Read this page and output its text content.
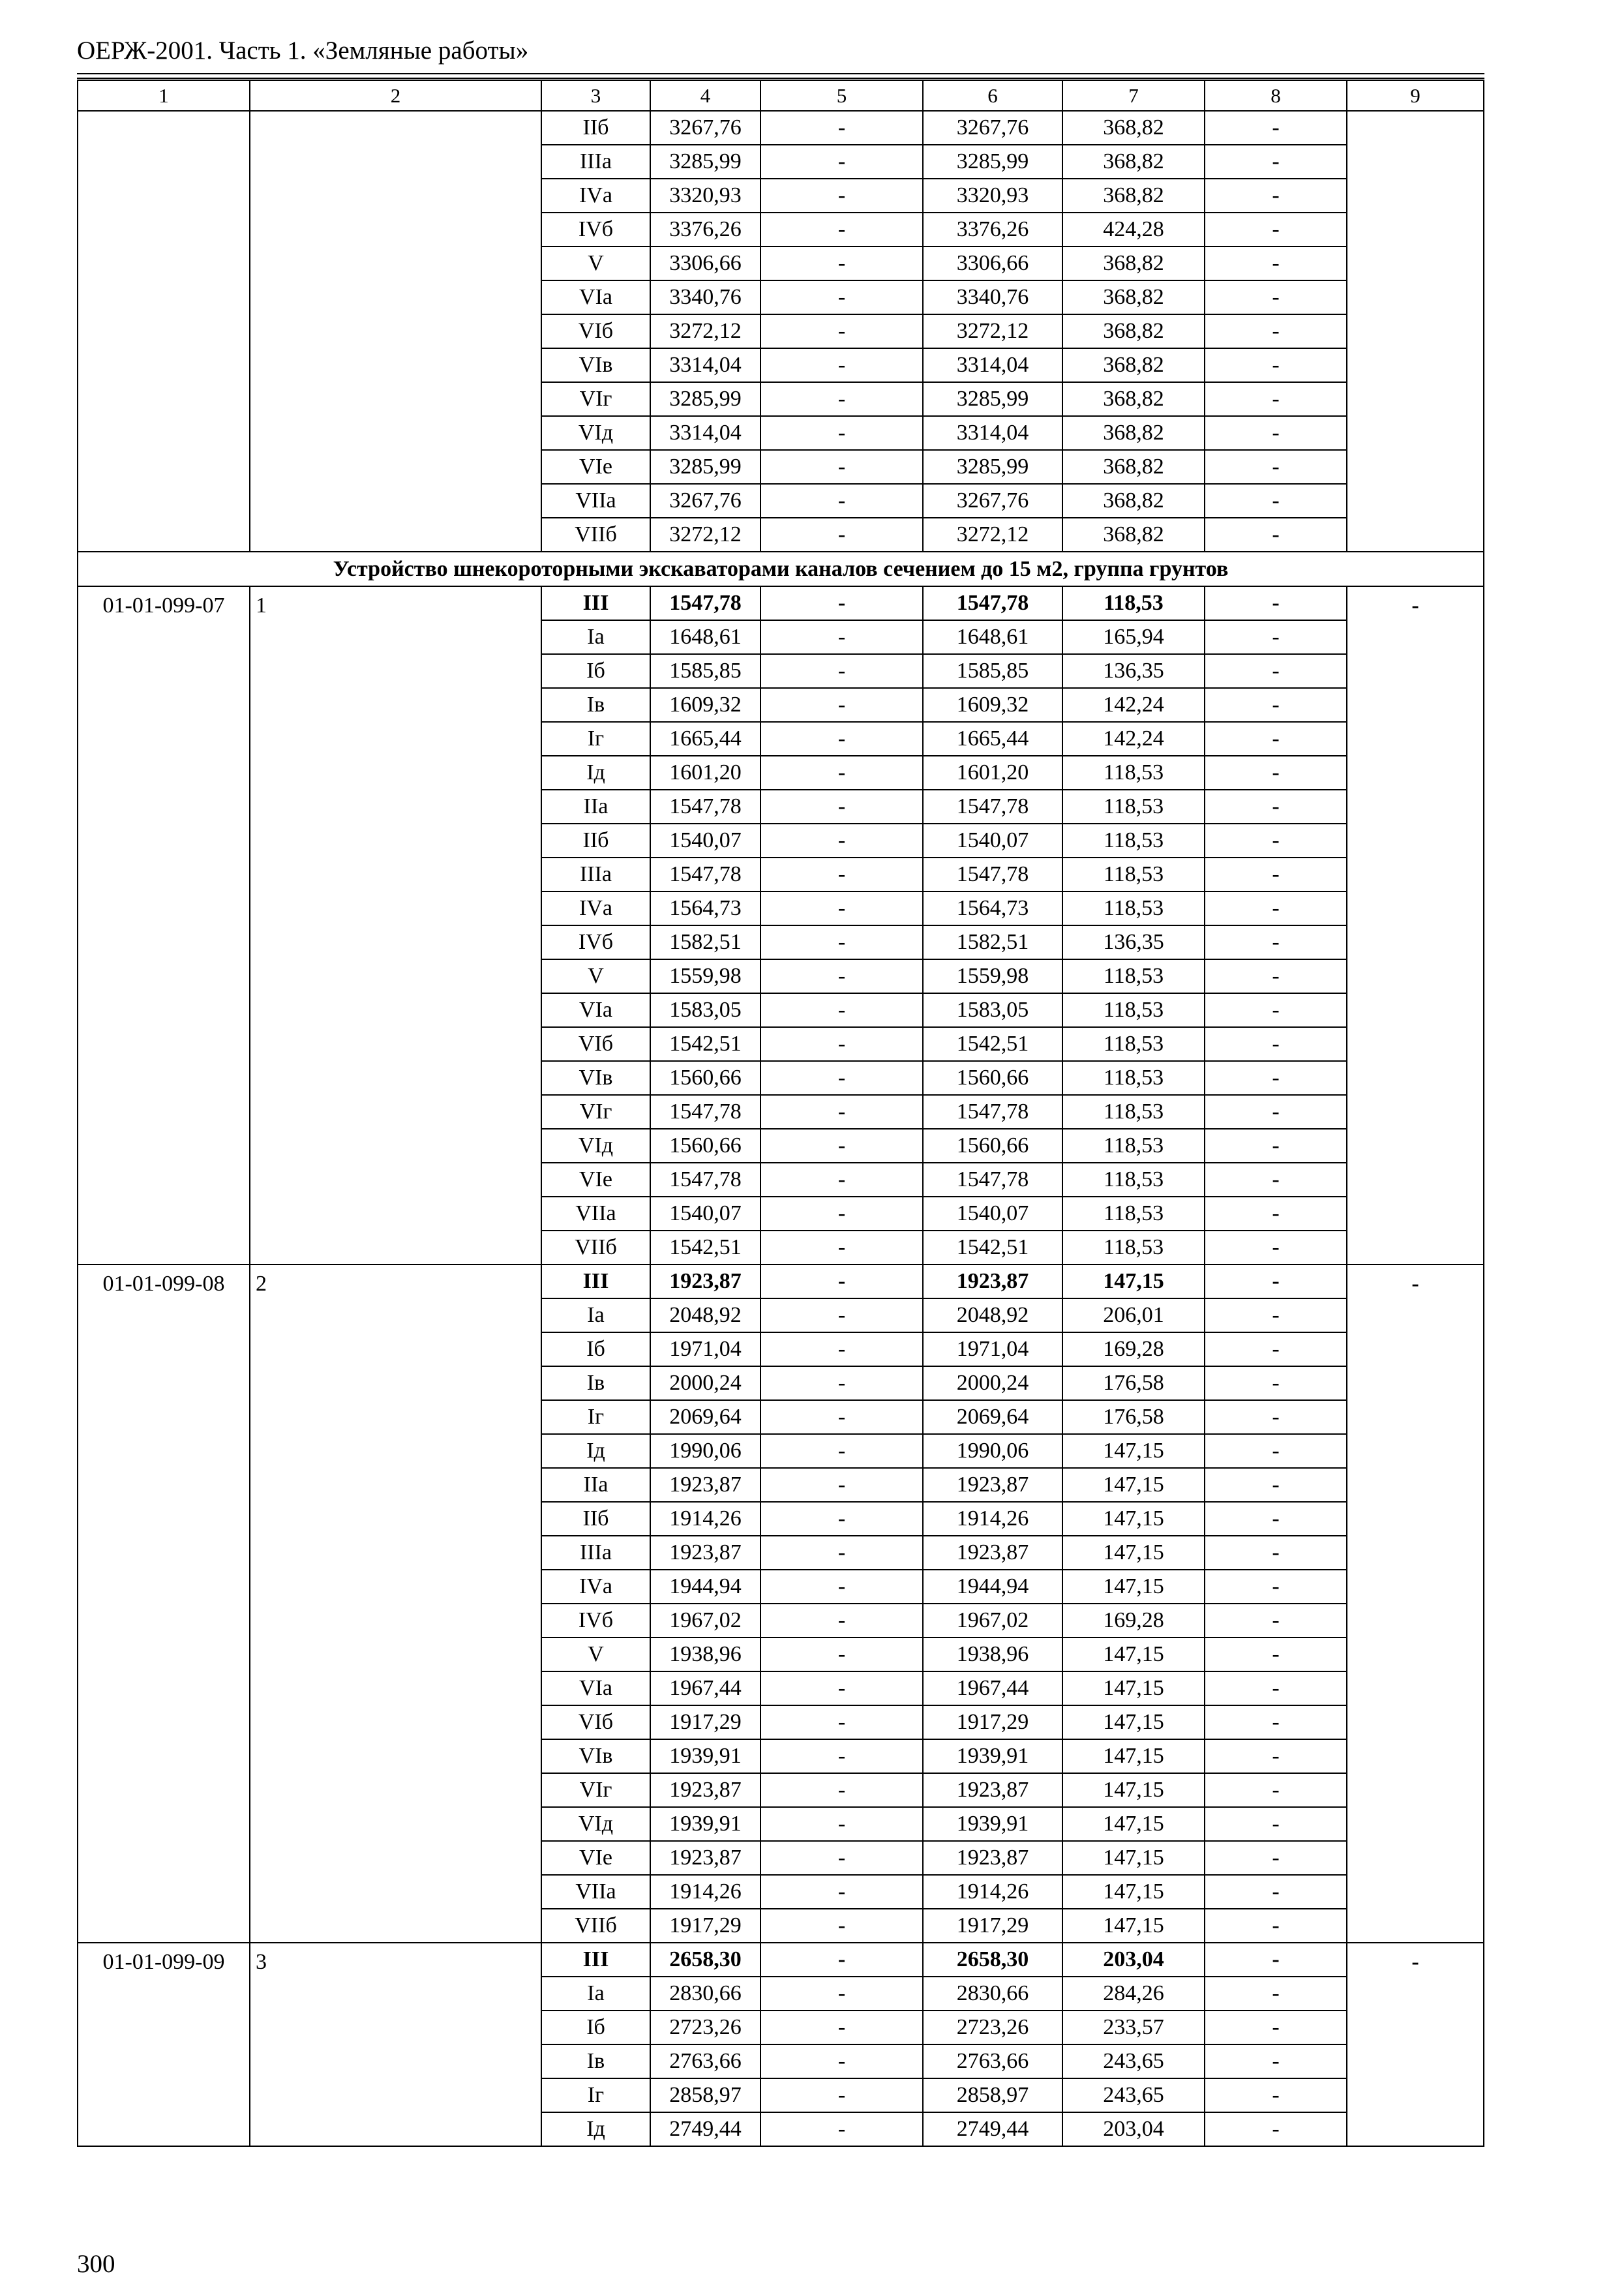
ОЕРЖ-2001. Часть 1. «Земляные работы»
1	2	3	4	5	6	7	8	9
		IIб	3267,76	-	3267,76	368,82	-	
		IIIа	3285,99	-	3285,99	368,82	-	
		IVа	3320,93	-	3320,93	368,82	-	
		IVб	3376,26	-	3376,26	424,28	-	
		V	3306,66	-	3306,66	368,82	-	
		VIа	3340,76	-	3340,76	368,82	-	
		VIб	3272,12	-	3272,12	368,82	-	
		VIв	3314,04	-	3314,04	368,82	-	
		VIг	3285,99	-	3285,99	368,82	-	
		VIд	3314,04	-	3314,04	368,82	-	
		VIе	3285,99	-	3285,99	368,82	-	
		VIIа	3267,76	-	3267,76	368,82	-	
		VIIб	3272,12	-	3272,12	368,82	-	
Устройство шнекороторными экскаваторами каналов сечением до 15 м2, группа грунтов								
01-01-099-07	1	III	1547,78	-	1547,78	118,53	-	-
		Iа	1648,61	-	1648,61	165,94	-	
		Iб	1585,85	-	1585,85	136,35	-	
		Iв	1609,32	-	1609,32	142,24	-	
		Iг	1665,44	-	1665,44	142,24	-	
		Iд	1601,20	-	1601,20	118,53	-	
		IIа	1547,78	-	1547,78	118,53	-	
		IIб	1540,07	-	1540,07	118,53	-	
		IIIа	1547,78	-	1547,78	118,53	-	
		IVа	1564,73	-	1564,73	118,53	-	
		IVб	1582,51	-	1582,51	136,35	-	
		V	1559,98	-	1559,98	118,53	-	
		VIа	1583,05	-	1583,05	118,53	-	
		VIб	1542,51	-	1542,51	118,53	-	
		VIв	1560,66	-	1560,66	118,53	-	
		VIг	1547,78	-	1547,78	118,53	-	
		VIд	1560,66	-	1560,66	118,53	-	
		VIе	1547,78	-	1547,78	118,53	-	
		VIIа	1540,07	-	1540,07	118,53	-	
		VIIб	1542,51	-	1542,51	118,53	-	
01-01-099-08	2	III	1923,87	-	1923,87	147,15	-	-
		Iа	2048,92	-	2048,92	206,01	-	
		Iб	1971,04	-	1971,04	169,28	-	
		Iв	2000,24	-	2000,24	176,58	-	
		Iг	2069,64	-	2069,64	176,58	-	
		Iд	1990,06	-	1990,06	147,15	-	
		IIа	1923,87	-	1923,87	147,15	-	
		IIб	1914,26	-	1914,26	147,15	-	
		IIIа	1923,87	-	1923,87	147,15	-	
		IVа	1944,94	-	1944,94	147,15	-	
		IVб	1967,02	-	1967,02	169,28	-	
		V	1938,96	-	1938,96	147,15	-	
		VIа	1967,44	-	1967,44	147,15	-	
		VIб	1917,29	-	1917,29	147,15	-	
		VIв	1939,91	-	1939,91	147,15	-	
		VIг	1923,87	-	1923,87	147,15	-	
		VIд	1939,91	-	1939,91	147,15	-	
		VIе	1923,87	-	1923,87	147,15	-	
		VIIа	1914,26	-	1914,26	147,15	-	
		VIIб	1917,29	-	1917,29	147,15	-	
01-01-099-09	3	III	2658,30	-	2658,30	203,04	-	-
		Iа	2830,66	-	2830,66	284,26	-	
		Iб	2723,26	-	2723,26	233,57	-	
		Iв	2763,66	-	2763,66	243,65	-	
		Iг	2858,97	-	2858,97	243,65	-	
		Iд	2749,44	-	2749,44	203,04	-	
300
